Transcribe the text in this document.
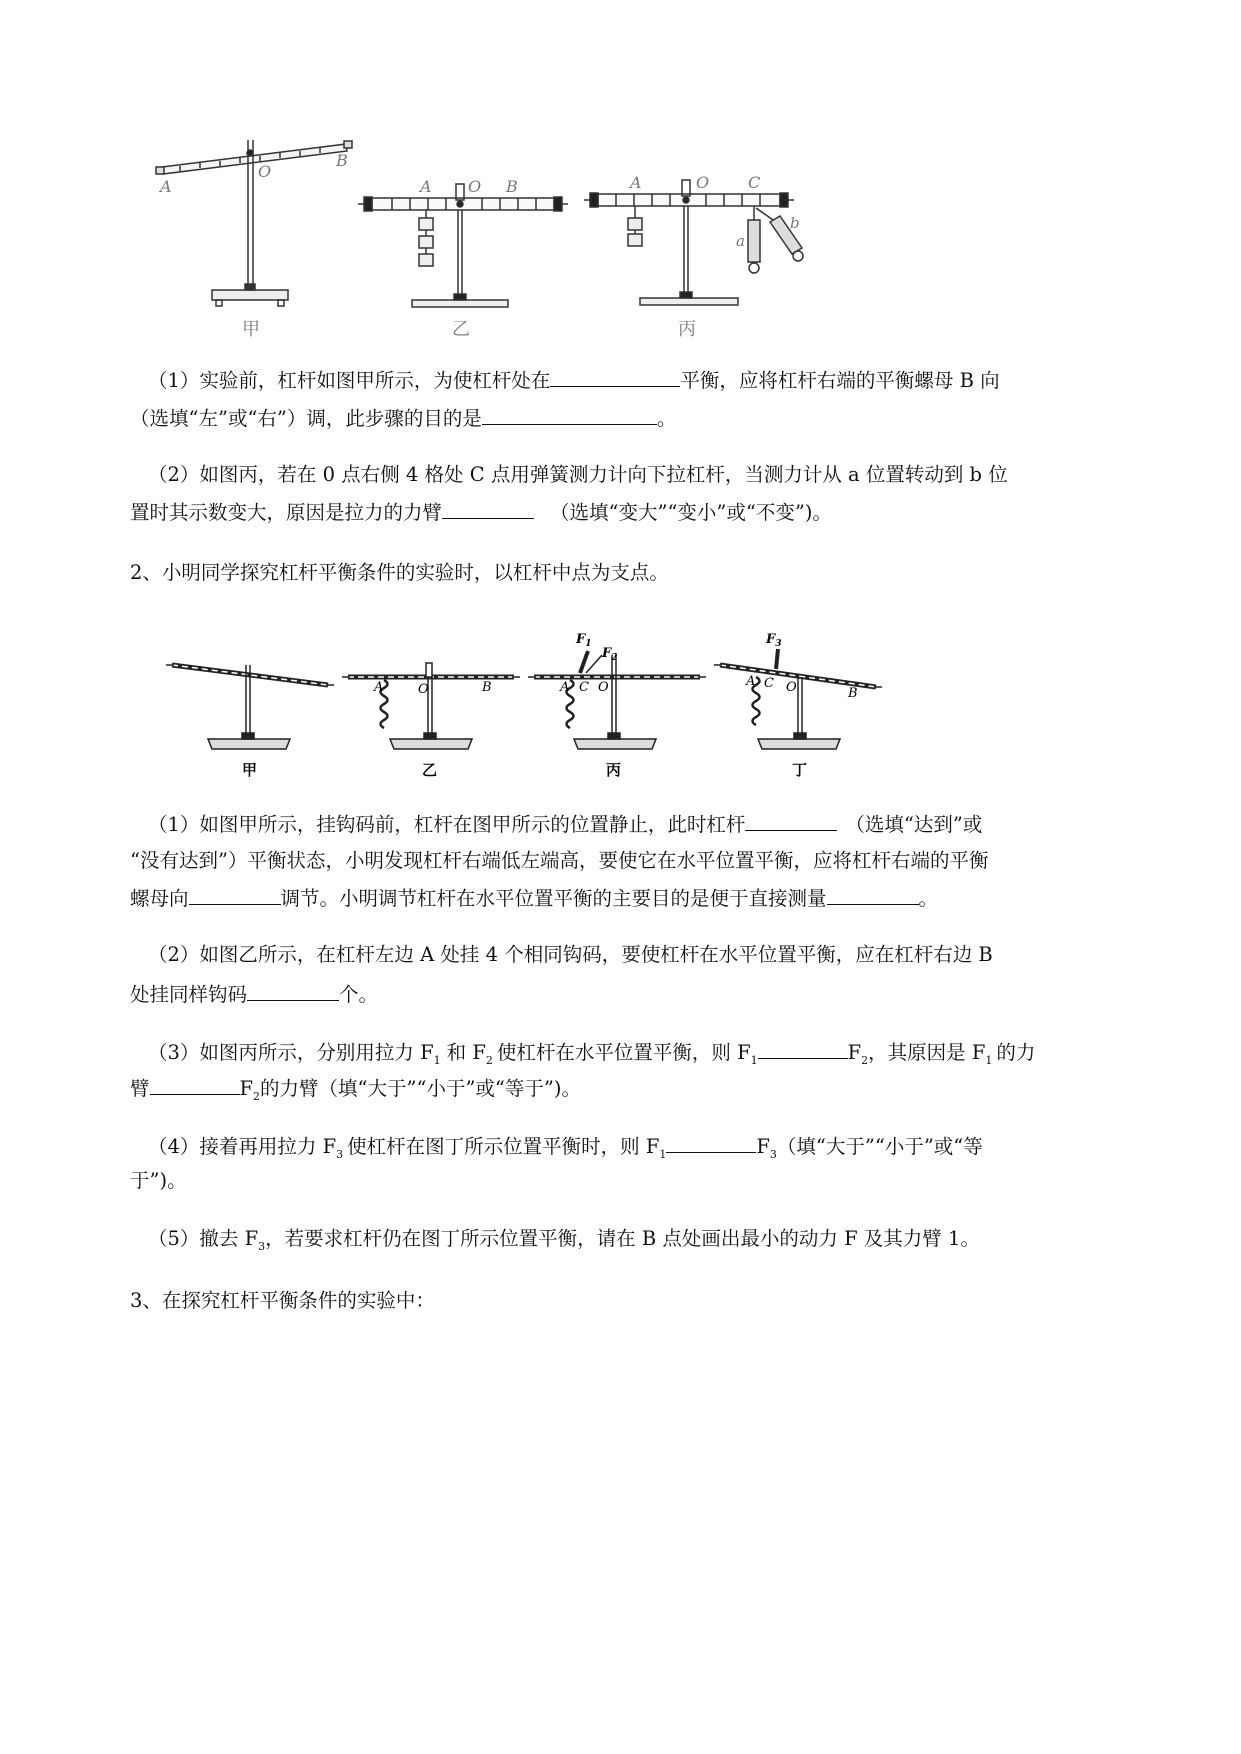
A
O
B
甲
A O B
乙
A	O C
a
b
丙
（1）实验前，杠杆如图甲所示，为使杠杆处在	平衡，应将杠杆右端的平衡螺母 B 向
（选填“左”或“右”）调，此步骤的目的是	。
（2）如图丙，若在 0 点右侧 4 格处 C 点用弹簧测力计向下拉杠杆，当测力计从 a 位置转动到 b 位
置时其示数变大，原因是拉力的力臂	（选填“变大”“变小”或“不变”)。
2、小明同学探究杠杆平衡条件的实验时，以杠杆中点为支点。
甲
A	O	B
乙
$F_1$
$F_2$
A C O
丙
$F_3$
A C O	B
丁
（1）如图甲所示，挂钩码前，杠杆在图甲所示的位置静止，此时杠杆	（选填“达到”或
“没有达到”）平衡状态，小明发现杠杆右端低左端高，要使它在水平位置平衡，应将杠杆右端的平衡
螺母向	调节。小明调节杠杆在水平位置平衡的主要目的是便于直接测量	。
（2）如图乙所示，在杠杆左边 A 处挂 4 个相同钩码，要使杠杆在水平位置平衡，应在杠杆右边 B
处挂同样钩码	个。
（3）如图丙所示，分别用拉力 $F_1$ 和 $F_2$ 使杠杆在水平位置平衡，则 $F_1$	$F_2$，其原因是 $F_1$ 的力
臂	$F_2$的力臂（填“大于”“小于”或“等于”)。
（4）接着再用拉力 $F_3$ 使杠杆在图丁所示位置平衡时，则 $F_1$	$F_3$（填“大于”“小于”或“等
于”)。
（5）撤去 $F_3$，若要求杠杆仍在图丁所示位置平衡，请在 B 点处画出最小的动力 F 及其力臂 1。
3、在探究杠杆平衡条件的实验中：
